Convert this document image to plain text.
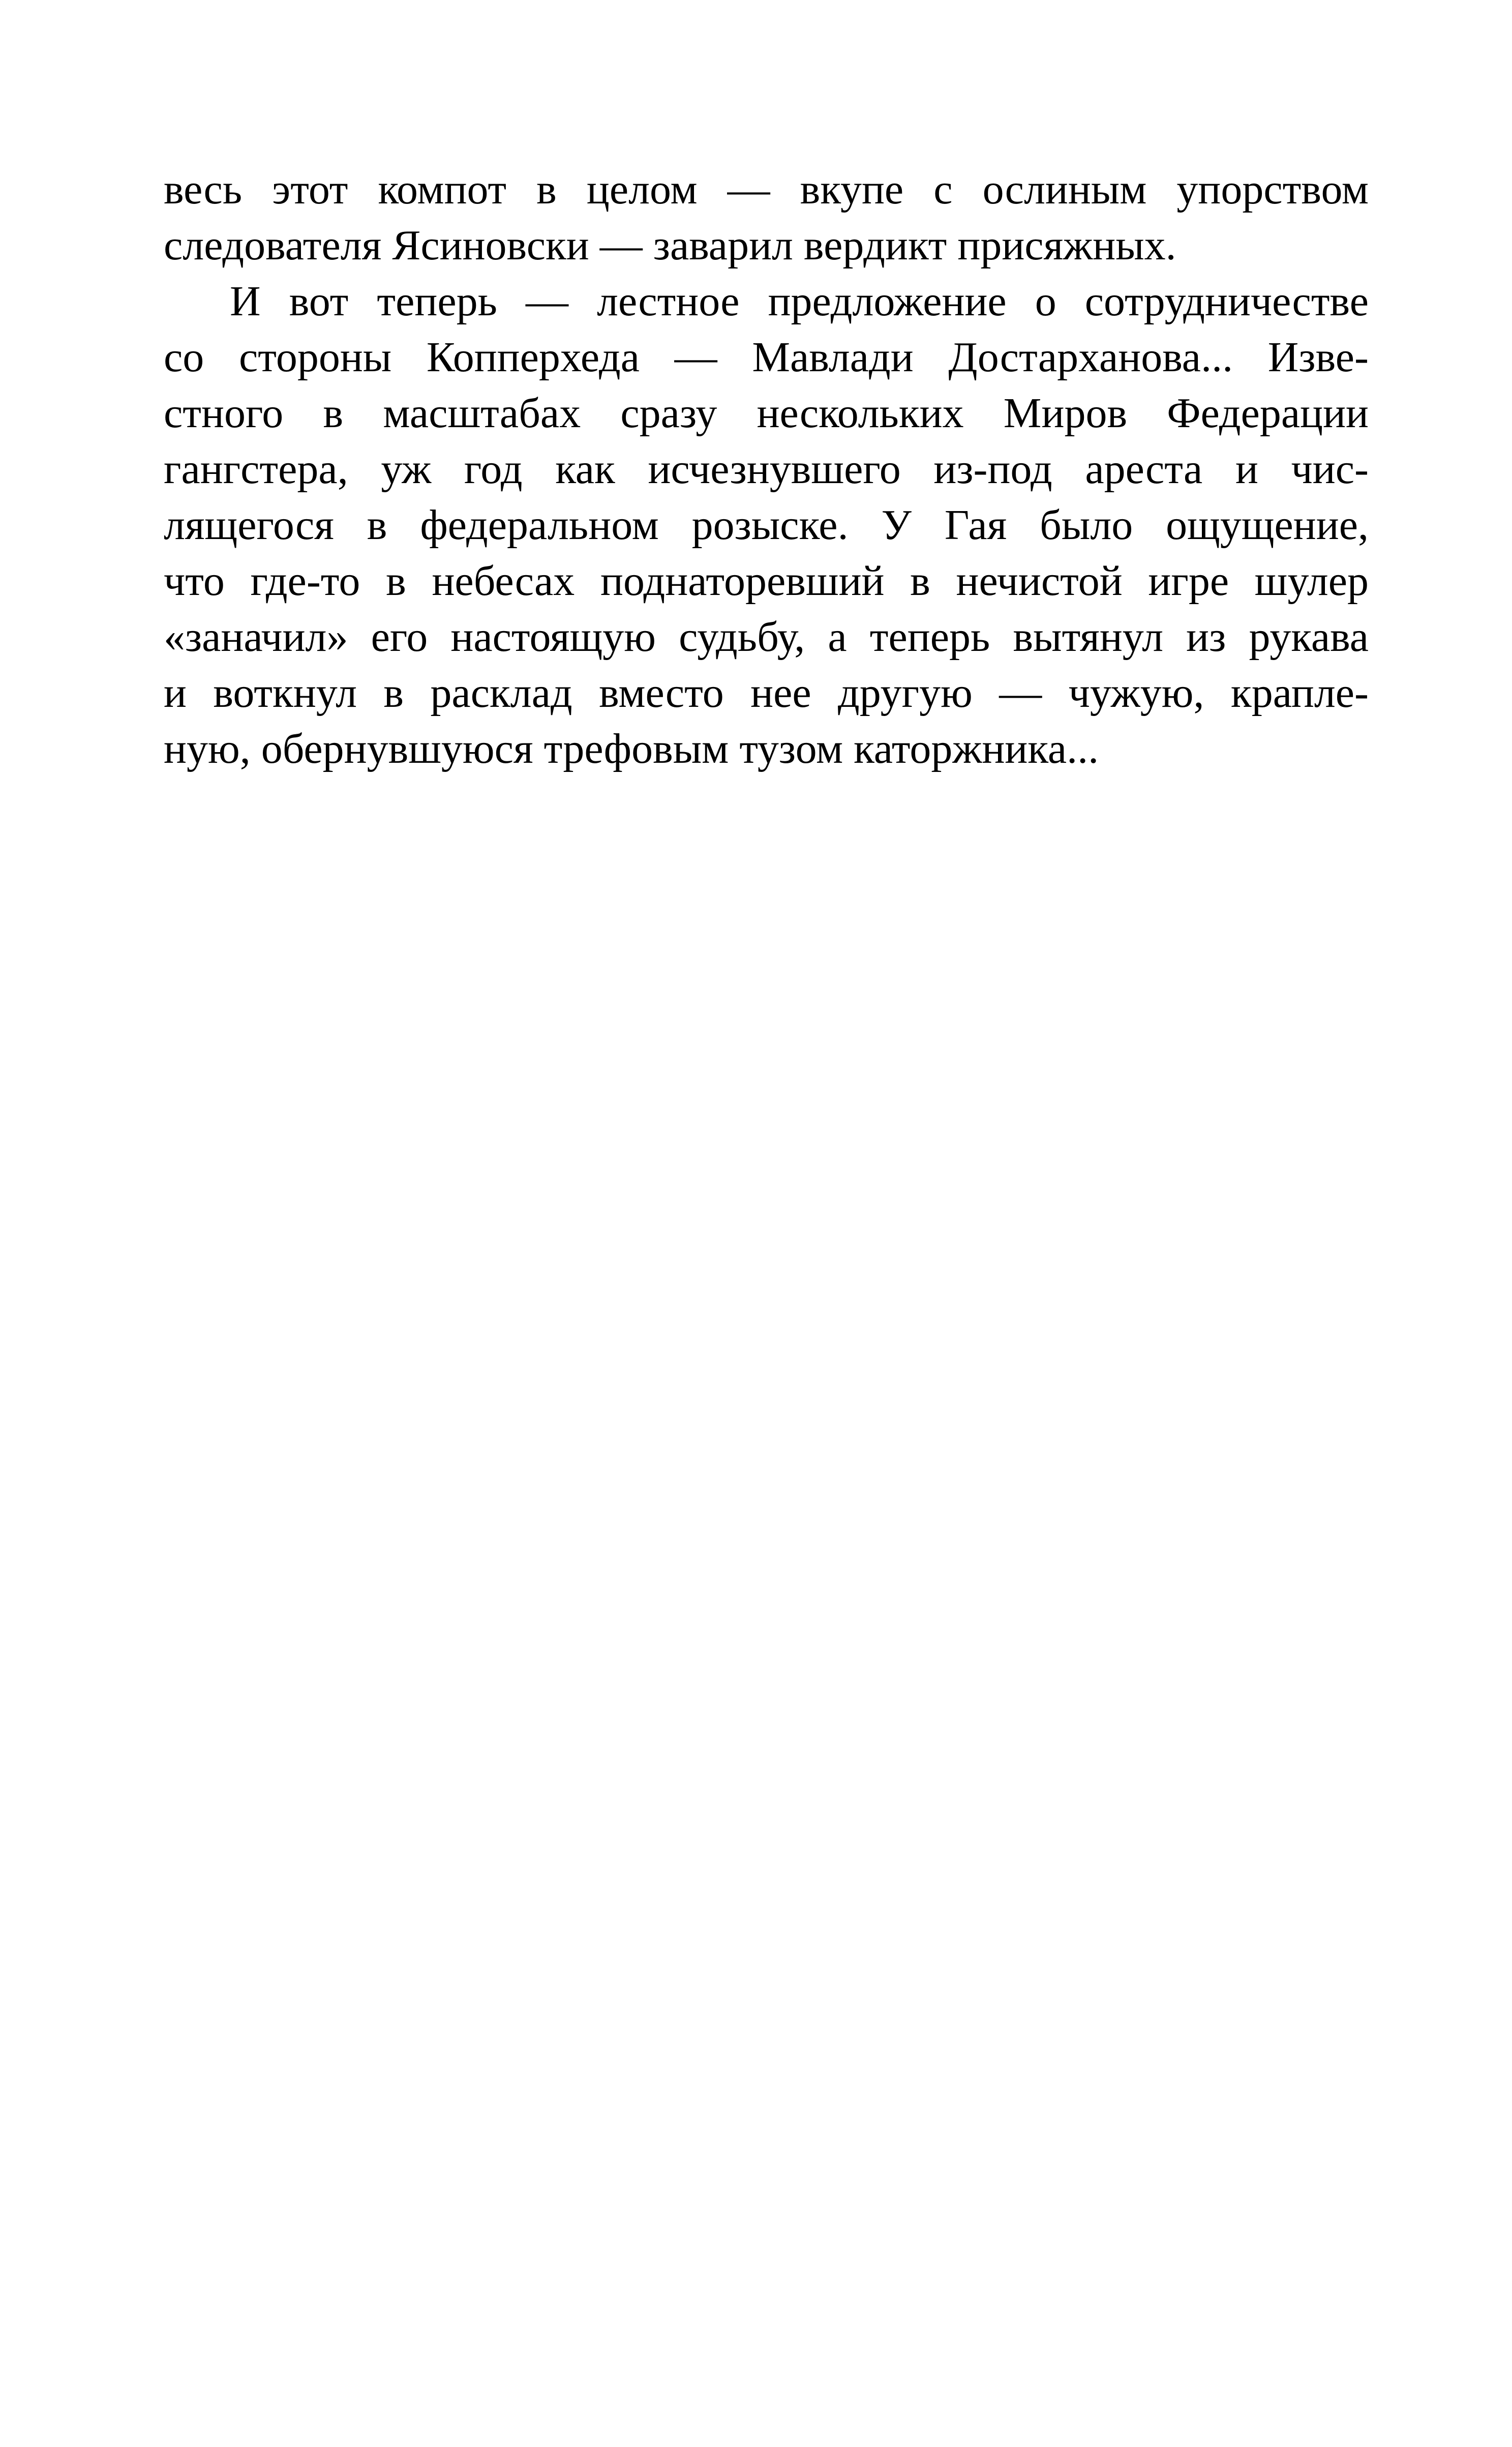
весь этот компот в целом — вкупе с ослиным упорством
следователя Ясиновски — заварил вердикт присяжных.
И вот теперь — лестное предложение о сотрудничестве
со стороны Копперхеда — Мавлади Достарханова... Изве-
стного в масштабах сразу нескольких Миров Федерации
гангстера, уж год как исчезнувшего из-под ареста и чис-
лящегося в федеральном розыске. У Гая было ощущение,
что где-то в небесах поднаторевший в нечистой игре шулер
«заначил» его настоящую судьбу, а теперь вытянул из рукава
и воткнул в расклад вместо нее другую — чужую, крапле-
ную, обернувшуюся трефовым тузом каторжника...
